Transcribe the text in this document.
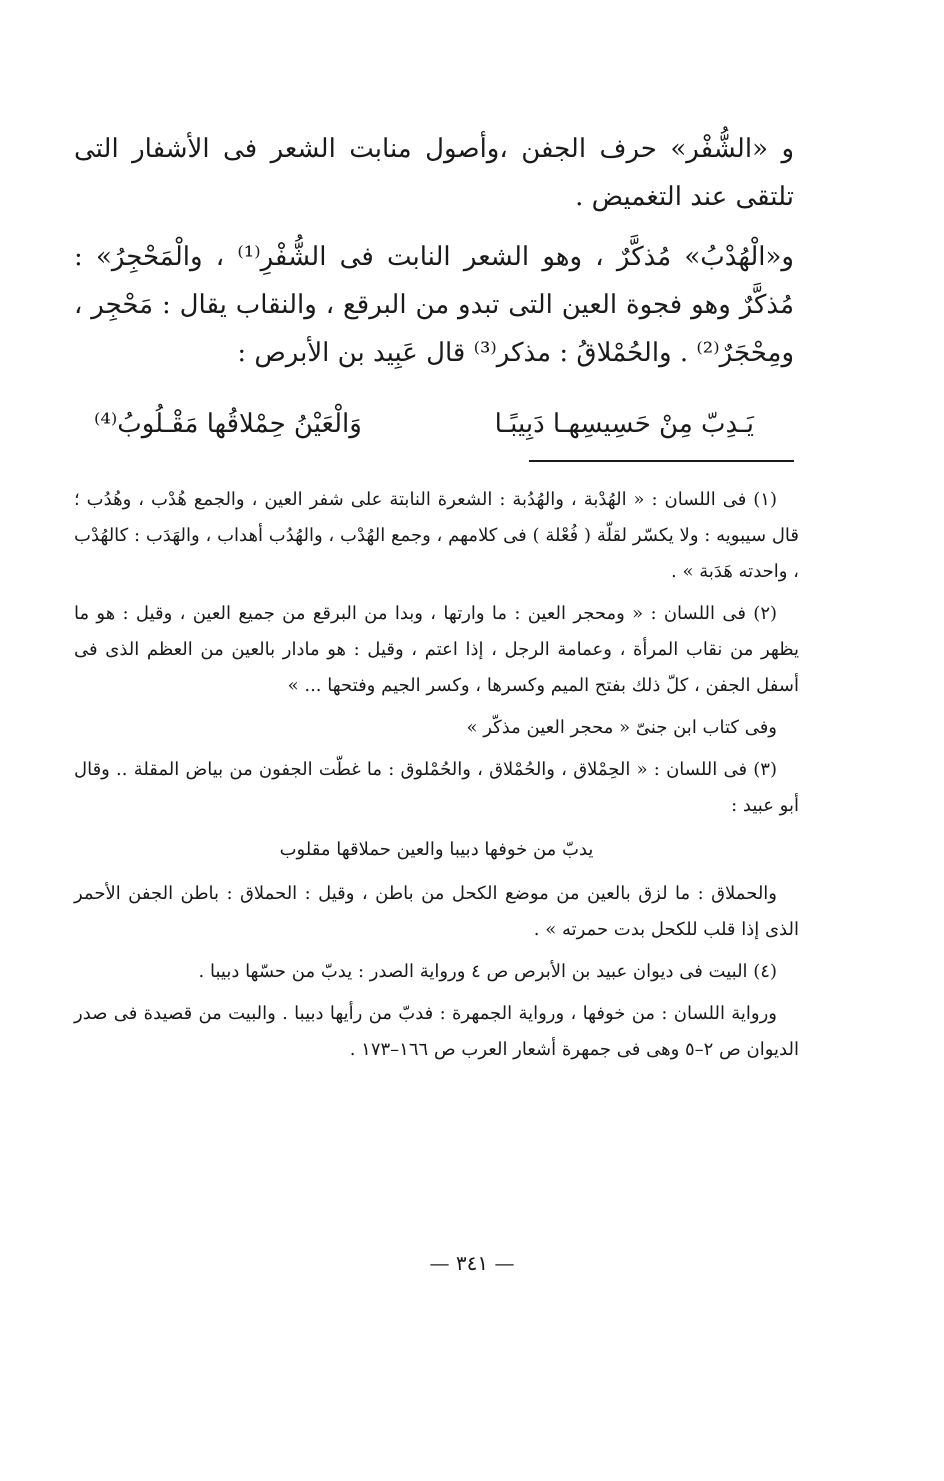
و «الشُّفْر» حرف الجفن ،وأصول منابت الشعر فى الأشفار التى تلتقى عند التغميض .

و«الْهُدْبُ» مُذكَّرٌ ، وهو الشعر النابت فى الشُّفْرِ⁽¹⁾ ، والْمَحْجِرُ» : مُذكَّرٌ وهو فجوة العين التى تبدو من البرقع ، والنقاب يقال : مَحْجِر ، ومِحْجَرٌ⁽²⁾ . والحُمْلاقُ : مذكر⁽³⁾ قال عَبِيد بن الأبرص :

يَـدِبّ مِنْ حَسِيسِهـا دَبِيبًـا
وَالْعَيْنُ حِمْلاقُها مَقْـلُوبُ⁽⁴⁾

(١) فى اللسان : « الهُدْبة ، والهُدُبة : الشعرة النابتة على شفر العين ، والجمع هُدْب ، وهُدُب ؛ قال سيبويه : ولا يكسّر لقلّة ( فُعْلة ) فى كلامهم ، وجمع الهُدْب ، والهُدُب أهداب ، والهَدَب : كالهُدْب ، واحدته هَدَبة » .

(٢) فى اللسان : « ومحجر العين : ما وارتها ، وبدا من البرقع من جميع العين ، وقيل : هو ما يظهر من نقاب المرأة ، وعمامة الرجل ، إذا اعتم ، وقيل : هو مادار بالعين من العظم الذى فى أسفل الجفن ، كلّ ذلك بفتح الميم وكسرها ، وكسر الجيم وفتحها ... »

وفى كتاب ابن جنىّ « محجر العين مذكّر »

(٣) فى اللسان : « الحِمْلاق ، والحُمْلاق ، والحُمْلوق : ما غطّت الجفون من بياض المقلة .. وقال أبو عبيد :

يدبّ من خوفها دبيبا والعين حملاقها مقلوب

والحملاق : ما لزق بالعين من موضع الكحل من باطن ، وقيل : الحملاق : باطن الجفن الأحمر الذى إذا قلب للكحل بدت حمرته » .

(٤) البيت فى ديوان عبيد بن الأبرص ص ٤ ورواية الصدر : يدبّ من حسّها دبيبا .

ورواية اللسان : من خوفها ، ورواية الجمهرة : فدبّ من رأيها دبيبا . والبيت من قصيدة فى صدر الديوان ص ٢–٥ وهى فى جمهرة أشعار العرب ص ١٦٦–١٧٣ .

— ٣٤١ —
